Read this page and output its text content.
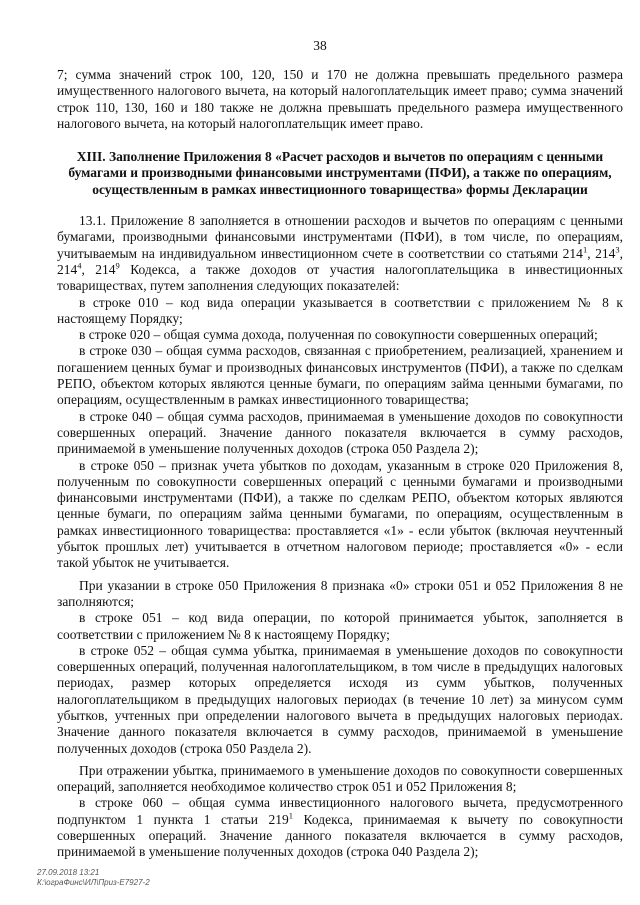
38

7; сумма значений строк 100, 120, 150 и 170 не должна превышать предельного размера имущественного налогового вычета, на который налогоплательщик имеет право; сумма значений строк 110, 130, 160 и 180 также не должна превышать предельного размера имущественного налогового вычета, на который налогоплательщик имеет право.

XIII. Заполнение Приложения 8 «Расчет расходов и вычетов по операциям с ценными бумагами и производными финансовыми инструментами (ПФИ), а также по операциям, осуществленным в рамках инвестиционного товарищества» формы Декларации

13.1. Приложение 8 заполняется в отношении расходов и вычетов по операциям с ценными бумагами, производными финансовыми инструментами (ПФИ), в том числе, по операциям, учитываемым на индивидуальном инвестиционном счете в соответствии со статьями $214^1$, $214^3$, $214^4$, $214^9$ Кодекса, а также доходов от участия налогоплательщика в инвестиционных товариществах, путем заполнения следующих показателей:

в строке 010 – код вида операции указывается в соответствии с приложением № 8 к настоящему Порядку;

в строке 020 – общая сумма дохода, полученная по совокупности совершенных операций;

в строке 030 – общая сумма расходов, связанная с приобретением, реализацией, хранением и погашением ценных бумаг и производных финансовых инструментов (ПФИ), а также по сделкам РЕПО, объектом которых являются ценные бумаги, по операциям займа ценными бумагами, по операциям, осуществленным в рамках инвестиционного товарищества;

в строке 040 – общая сумма расходов, принимаемая в уменьшение доходов по совокупности совершенных операций. Значение данного показателя включается в сумму расходов, принимаемой в уменьшение полученных доходов (строка 050 Раздела 2);

в строке 050 – признак учета убытков по доходам, указанным в строке 020 Приложения 8, полученным по совокупности совершенных операций с ценными бумагами и производными финансовыми инструментами (ПФИ), а также по сделкам РЕПО, объектом которых являются ценные бумаги, по операциям займа ценными бумагами, по операциям, осуществленным в рамках инвестиционного товарищества: проставляется «1» - если убыток (включая неучтенный убыток прошлых лет) учитывается в отчетном налоговом периоде; проставляется «0» - если такой убыток не учитывается.

При указании в строке 050 Приложения 8 признака «0» строки 051 и 052 Приложения 8 не заполняются;

в строке 051 – код вида операции, по которой принимается убыток, заполняется в соответствии с приложением № 8 к настоящему Порядку;

в строке 052 – общая сумма убытка, принимаемая в уменьшение доходов по совокупности совершенных операций, полученная налогоплательщиком, в том числе в предыдущих налоговых периодах, размер которых определяется исходя из сумм убытков, полученных налогоплательщиком в предыдущих налоговых периодах (в течение 10 лет) за минусом сумм убытков, учтенных при определении налогового вычета в предыдущих налоговых периодах. Значение данного показателя включается в сумму расходов, принимаемой в уменьшение полученных доходов (строка 050 Раздела 2).

При отражении убытка, принимаемого в уменьшение доходов по совокупности совершенных операций, заполняется необходимое количество строк 051 и 052 Приложения 8;

в строке 060 – общая сумма инвестиционного налогового вычета, предусмотренного подпунктом 1 пункта 1 статьи $219^1$ Кодекса, принимаемая к вычету по совокупности совершенных операций. Значение данного показателя включается в сумму расходов, принимаемой в уменьшение полученных доходов (строка 040 Раздела 2);

27.09.2018 13:21
К:\ограФинс\ИЛ\Приз-Е7927-2
